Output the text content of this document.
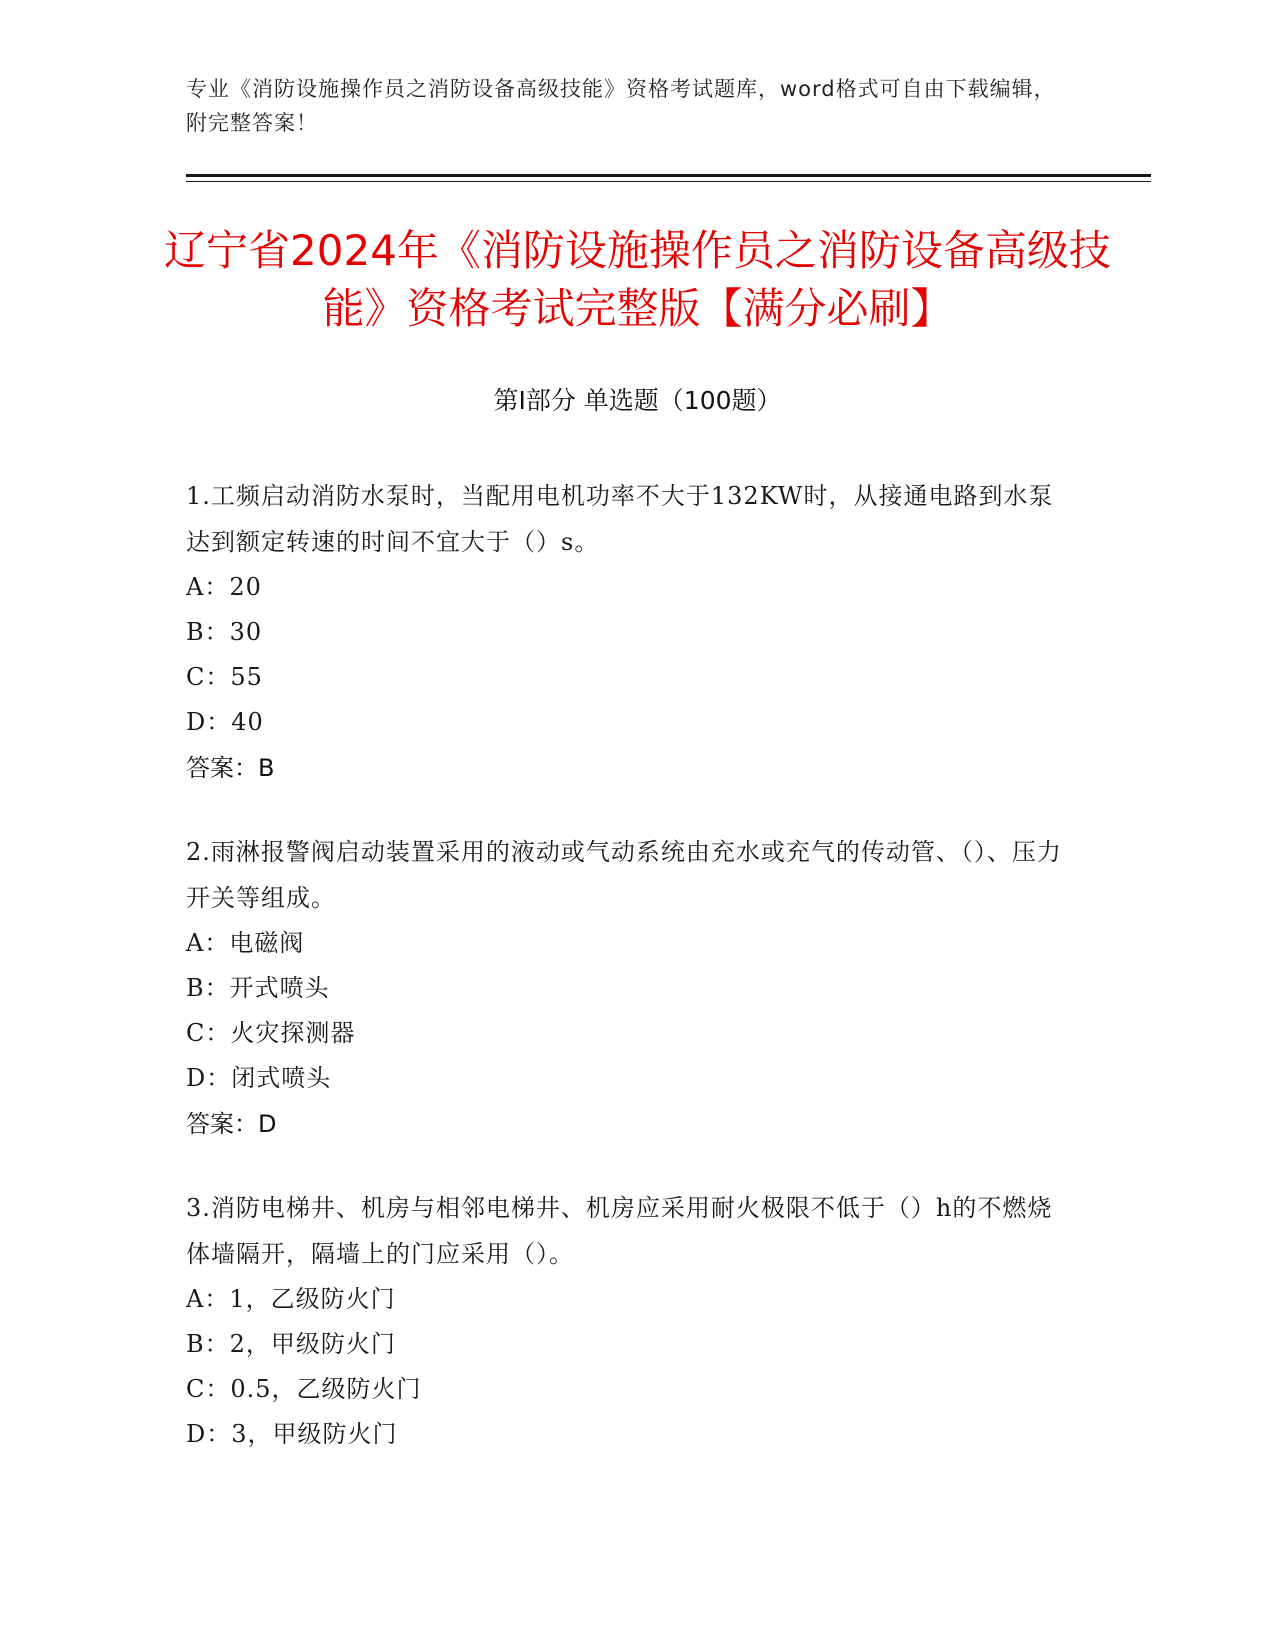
专业《消防设施操作员之消防设备高级技能》资格考试题库，word格式可自由下载编辑，附完整答案！
辽宁省2024年《消防设施操作员之消防设备高级技能》资格考试完整版【满分必刷】
第Ⅰ部分 单选题（100题）
1.工频启动消防水泵时，当配用电机功率不大于132KW时，从接通电路到水泵达到额定转速的时间不宜大于（）s。
A：20
B：30
C：55
D：40
答案：B
2.雨淋报警阀启动装置采用的液动或气动系统由充水或充气的传动管、（）、压力开关等组成。
A：电磁阀
B：开式喷头
C：火灾探测器
D：闭式喷头
答案：D
3.消防电梯井、机房与相邻电梯井、机房应采用耐火极限不低于（）h的不燃烧体墙隔开，隔墙上的门应采用（）。
A：1，乙级防火门
B：2，甲级防火门
C：0.5，乙级防火门
D：3，甲级防火门
